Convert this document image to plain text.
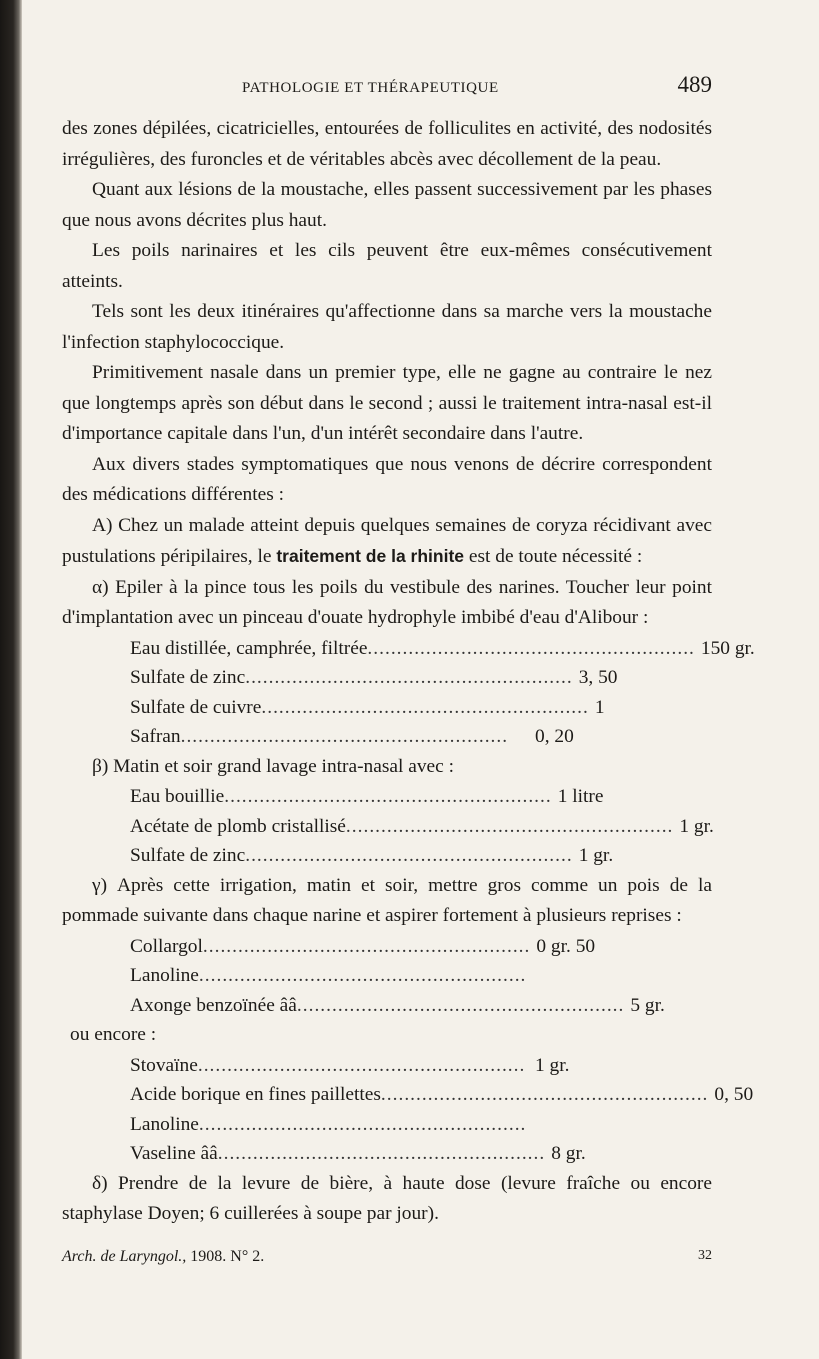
PATHOLOGIE ET THÉRAPEUTIQUE	489

des zones dépilées, cicatricielles, entourées de folliculites en activité, des nodosités irrégulières, des furoncles et de véritables abcès avec décollement de la peau.

Quant aux lésions de la moustache, elles passent successivement par les phases que nous avons décrites plus haut.

Les poils narinaires et les cils peuvent être eux-mêmes consécutivement atteints.

Tels sont les deux itinéraires qu'affectionne dans sa marche vers la moustache l'infection staphylococcique.

Primitivement nasale dans un premier type, elle ne gagne au contraire le nez que longtemps après son début dans le second ; aussi le traitement intra-nasal est-il d'importance capitale dans l'un, d'un intérêt secondaire dans l'autre.

Aux divers stades symptomatiques que nous venons de décrire correspondent des médications différentes :

A) Chez un malade atteint depuis quelques semaines de coryza récidivant avec pustulations péripilaires, le traitement de la rhinite est de toute nécessité :

α) Epiler à la pince tous les poils du vestibule des narines. Toucher leur point d'implantation avec un pinceau d'ouate hydrophyle imbibé d'eau d'Alibour :

Eau distillée, camphrée, filtrée ........................................................ 150 gr.
Sulfate de zinc ........................................................ 3, 50
Sulfate de cuivre ........................................................ 1
Safran ........................................................	0, 20

β) Matin et soir grand lavage intra-nasal avec :

Eau bouillie ........................................................ 1 litre
Acétate de plomb cristallisé ........................................................ 1 gr.
Sulfate de zinc ........................................................ 1 gr.

γ) Après cette irrigation, matin et soir, mettre gros comme un pois de la pommade suivante dans chaque narine et aspirer fortement à plusieurs reprises :

Collargol ........................................................ 0 gr. 50
Lanoline ........................................................
Axonge benzoïnée ââ ........................................................ 5 gr.

ou encore :

Stovaïne ........................................................ 1 gr.
Acide borique en fines paillettes ........................................................ 0, 50
Lanoline ........................................................
Vaseline ââ ........................................................ 8 gr.

δ) Prendre de la levure de bière, à haute dose (levure fraîche ou encore staphylase Doyen; 6 cuillerées à soupe par jour).

Arch. de Laryngol., 1908. N° 2.	32
